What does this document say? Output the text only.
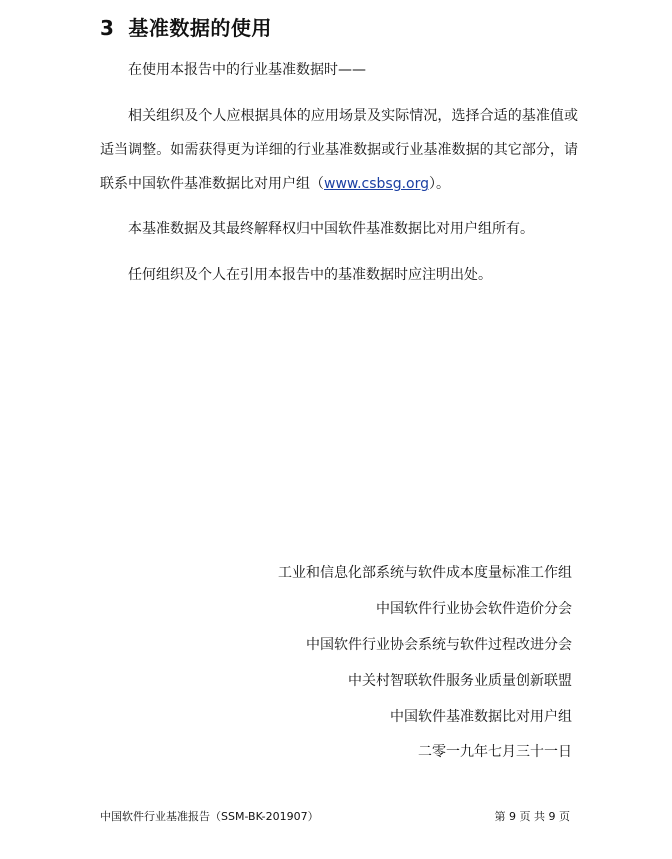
3 基准数据的使用

在使用本报告中的行业基准数据时——

相关组织及个人应根据具体的应用场景及实际情况，选择合适的基准值或适当调整。如需获得更为详细的行业基准数据或行业基准数据的其它部分，请联系中国软件基准数据比对用户组（www.csbsg.org）。

本基准数据及其最终解释权归中国软件基准数据比对用户组所有。

任何组织及个人在引用本报告中的基准数据时应注明出处。

工业和信息化部系统与软件成本度量标准工作组
中国软件行业协会软件造价分会
中国软件行业协会系统与软件过程改进分会
中关村智联软件服务业质量创新联盟
中国软件基准数据比对用户组
二零一九年七月三十一日
中国软件行业基准报告（SSM-BK-201907）	第 9 页 共 9 页
